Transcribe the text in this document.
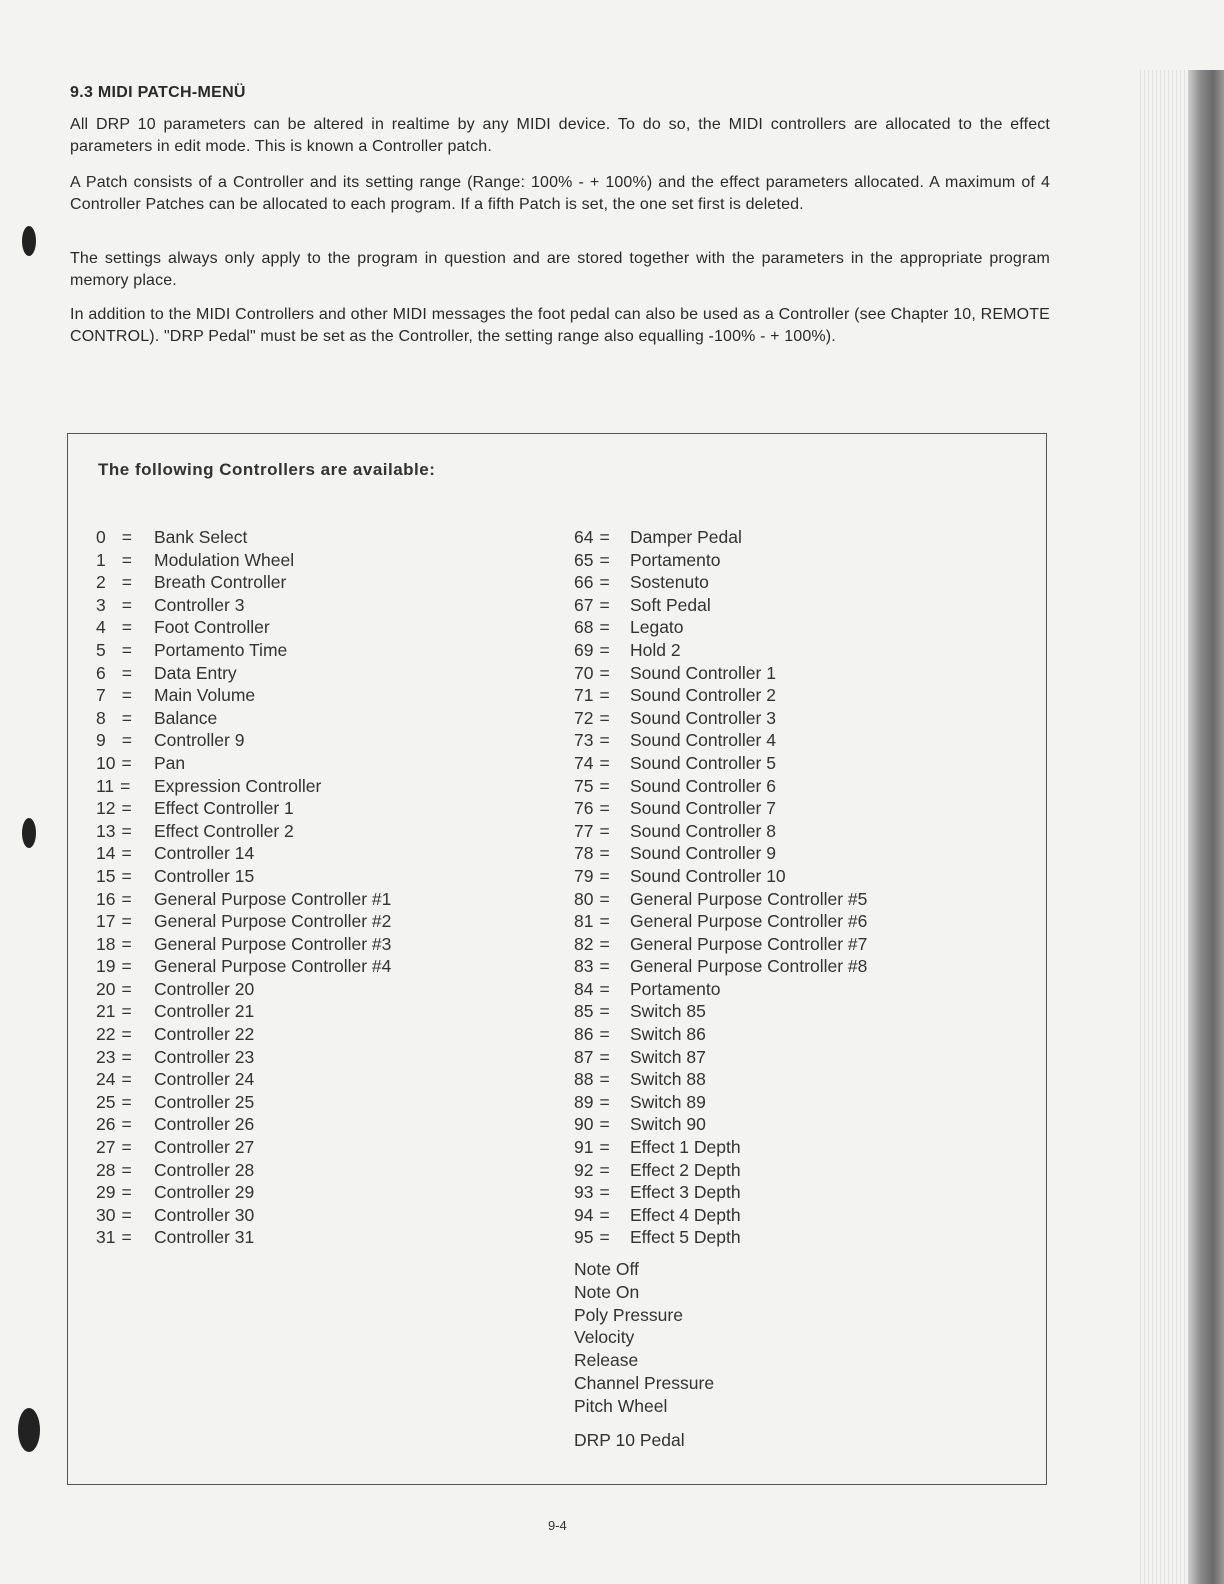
9.3 MIDI PATCH-MENÜ
All DRP 10 parameters can be altered in realtime by any MIDI device. To do so, the MIDI controllers are allocated to the effect parameters in edit mode. This is known a Controller patch.
A Patch consists of a Controller and its setting range (Range: 100% - + 100%) and the effect parameters allocated. A maximum of 4 Controller Patches can be allocated to each program. If a fifth Patch is set, the one set first is deleted.
The settings always only apply to the program in question and are stored together with the parameters in the appropriate program memory place.
In addition to the MIDI Controllers and other MIDI messages the foot pedal can also be used as a Controller (see Chapter 10, REMOTE CONTROL). "DRP Pedal" must be set as the Controller, the setting range also equalling -100% - + 100%).
The following Controllers are available:
0 =	Bank Select
1 =	Modulation Wheel
2 =	Breath Controller
3 =	Controller 3
4 =	Foot Controller
5 =	Portamento Time
6 =	Data Entry
7 =	Main Volume
8 =	Balance
9 =	Controller 9
10 =	Pan
11 =	Expression Controller
12 =	Effect Controller 1
13 =	Effect Controller 2
14 =	Controller 14
15 =	Controller 15
16 =	General Purpose Controller #1
17 =	General Purpose Controller #2
18 =	General Purpose Controller #3
19 =	General Purpose Controller #4
20 =	Controller 20
21 =	Controller 21
22 =	Controller 22
23 =	Controller 23
24 =	Controller 24
25 =	Controller 25
26 =	Controller 26
27 =	Controller 27
28 =	Controller 28
29 =	Controller 29
30 =	Controller 30
31 =	Controller 31
64 =	Damper Pedal
65 =	Portamento
66 =	Sostenuto
67 =	Soft Pedal
68 =	Legato
69 =	Hold 2
70 =	Sound Controller 1
71 =	Sound Controller 2
72 =	Sound Controller 3
73 =	Sound Controller 4
74 =	Sound Controller 5
75 =	Sound Controller 6
76 =	Sound Controller 7
77 =	Sound Controller 8
78 =	Sound Controller 9
79 =	Sound Controller 10
80 =	General Purpose Controller #5
81 =	General Purpose Controller #6
82 =	General Purpose Controller #7
83 =	General Purpose Controller #8
84 =	Portamento
85 =	Switch 85
86 =	Switch 86
87 =	Switch 87
88 =	Switch 88
89 =	Switch 89
90 =	Switch 90
91 =	Effect 1 Depth
92 =	Effect 2 Depth
93 =	Effect 3 Depth
94 =	Effect 4 Depth
95 =	Effect 5 Depth
Note Off
Note On
Poly Pressure
Velocity
Release
Channel Pressure
Pitch Wheel
DRP 10 Pedal
9-4
